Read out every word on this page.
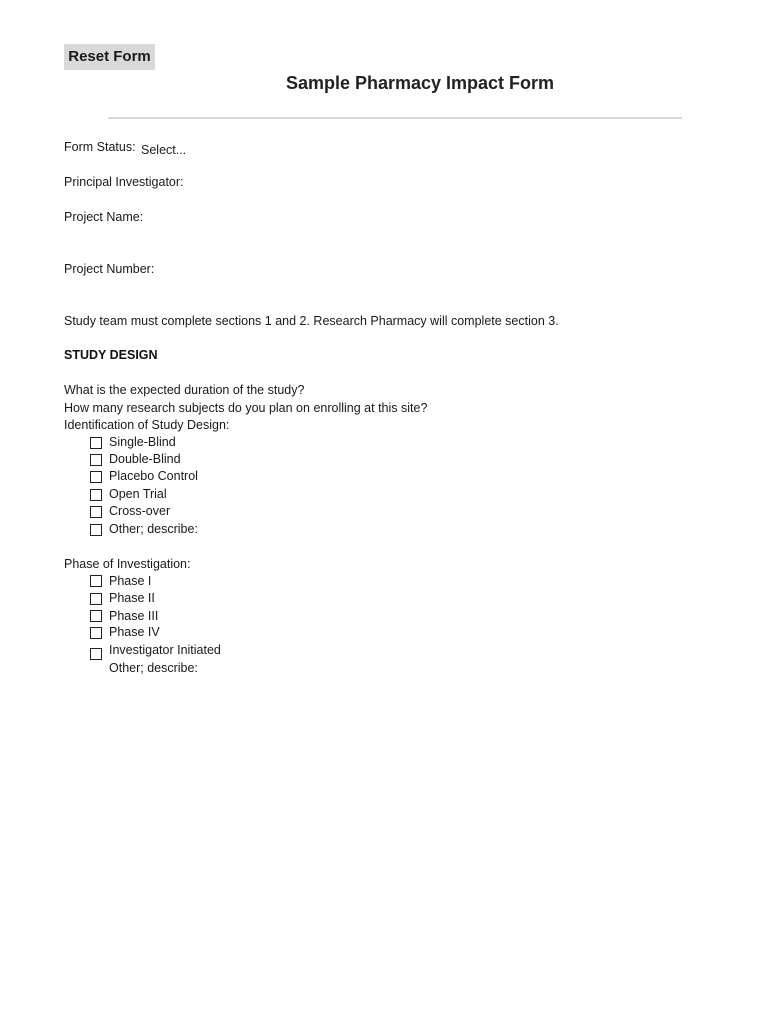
Reset Form
Sample Pharmacy Impact Form
Form Status: Select...
Principal Investigator:
Project Name:
Project Number:
Study team must complete sections 1 and 2. Research Pharmacy will complete section 3.
STUDY DESIGN
What is the expected duration of the study?
How many research subjects do you plan on enrolling at this site?
Identification of Study Design:
Single-Blind
Double-Blind
Placebo Control
Open Trial
Cross-over
Other; describe:
Phase of Investigation:
Phase I
Phase II
Phase III
Phase IV
Investigator Initiated
Other; describe:
